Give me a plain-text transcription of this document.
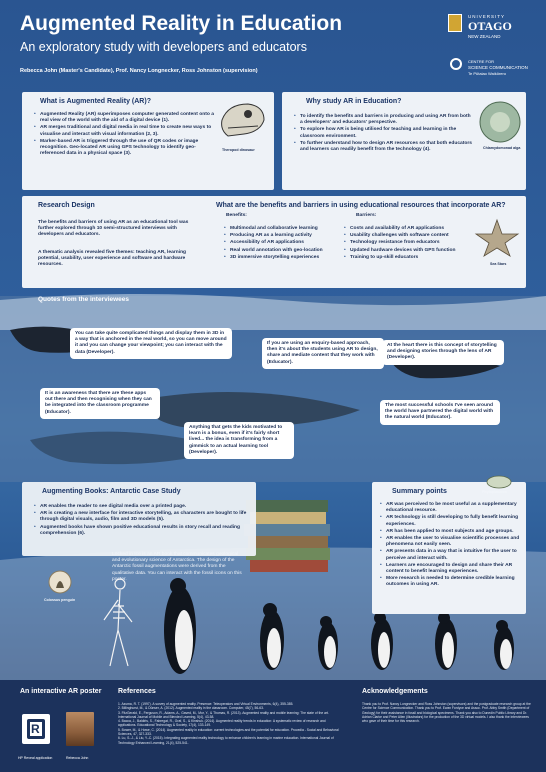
Augmented Reality in Education
An exploratory study with developers and educators
Rebecca John (Master's Candidate), Prof. Nancy Longnecker, Ross Johnston (supervision)
UNIVERSITY
OTAGO
NEW ZEALAND
CENTRE FOR
SCIENCE COMMUNICATION
Te Pūtaiao Waikōrero
What is Augmented Reality (AR)?
• Augmented Reality (AR) superimposes computer generated content onto a real view of the world with the aid of a digital device (1).
• AR merges traditional and digital media in real time to create new ways to visualise and interact with visual information (2, 3).
• Marker-based AR is triggered through the use of QR codes or image recognition. Geo-located AR using GPS technology to identify geo-referenced data in a physical space (3).
Theropod dinosaur
Why study AR in Education?
• To identify the benefits and barriers in producing and using AR from both a developers' and educators' perspective.
• To explore how AR is being utilised for teaching and learning in the classroom environment.
• To further understand how to design AR resources so that both educators and learners can readily benefit from the technology (4).	Chlamydomonad alga
Research Design
The benefits and barriers of using AR as an educational tool was further explored through 10 semi-structured interviews with developers and educators.
A thematic analysis revealed five themes: teaching AR, learning potential, usability, user experience and software and hardware resources.
What are the benefits and barriers in using educational resources that incorporate AR?
Benefits:
• Multimodal and collaborative learning
• Producing AR as a learning activity
• Accessibility of AR applications
• Real world annotation with geo-location
• 3D immersive storytelling experiences
Barriers:
• Costs and availability of AR applications
• Usability challenges with software content
• Technology resistance from educators
• Updated hardware devices with GPS function
• Training to up-skill educators
Sea Stars
Quotes from the interviewees
You can take quite complicated things and display them in 3D in a way that is anchored in the real world, so you can move around it and you can change your viewpoint; you can interact with the data (Developer).
If you are using an enquiry-based approach, then it's about the students using AR to design, share and mediate content that they work with (Educator).
At the heart there is this concept of storytelling and designing stories through the lens of AR (Developer).
It is an awareness that there are these apps out there and then recognising when they can be integrated into the classroom programme (Educator).
Anything that gets the kids motivated to learn is a bonus, even if it's fairly short lived... the idea is transforming from a gimmick to an actual learning tool (Developer).
The most successful schools I've seen around the world have partnered the digital world with the natural world (Educator).
Augmenting Books: Antarctic Case Study
• AR enables the reader to see digital media over a printed page.
• AR is creating a new interface for interactive storytelling, as characters are bought to life through digital visuals, audio, film and 3D models (5).
• Augmented books have shown positive educational results in story recall and reading comprehension (6).
Locked in Ice is an AR book that communicates geological and evolutionary science of Antarctica. The design of the Antarctic fossil augmentations were derived from the qualitative data. You can interact with the fossil icons on this poster.
Colossus penguin
Summary points
• AR was perceived to be most useful as a supplementary educational resource.
• AR technology is still developing to fully benefit learning experiences.
• AR has been applied to most subjects and age groups.
• AR enables the user to visualise scientific processes and phenomena not easily seen.
• AR presents data in a way that is intuitive for the user to perceive and interact with.
• Learners are encouraged to design and share their AR content to benefit learning experiences.
• More research is needed to determine credible learning outcomes in using AR.
Phytoplankton
An interactive AR poster
R
HP Reveal application	Rebecca John
References
1. Azuma, R. T. (1997). A survey of augmented reality. Presence: Teleoperators and Virtual Environments, 6(4), 355-385.
2. Billinghurst, M., & Dünser, A. (2012). Augmented reality in the classroom. Computer, 45(7), 56-63.
3. FitzGerald, E., Ferguson, R., Adams, A., Gaved, M., Mor, Y., & Thomas, R. (2013). Augmented reality and mobile learning: The state of the art. International Journal of Mobile and Blended Learning, 5(4), 43-58.
4. Bacca, J., Baldiris, S., Fabregat, R., Graf, S., & Kinshuk. (2014). Augmented reality trends in education: A systematic review of research and applications. Educational Technology & Society, 17(4), 133-149.
5. Bower, M., & Howe, C. (2014). Augmented reality in education: current technologies and the potential for education. Procedia - Social and Behavioral Sciences, 47, 327-333.
6. Lu, S.-J., & Liu, Y.-C. (2015). Integrating augmented reality technology to enhance children's learning in marine education. International Journal of Technology Enhanced Learning, 21(4), 525-541.
Acknowledgements
Thank you to Prof. Nancy Longnecker and Ross Johnston (supervisors) and the postgraduate research group at the Centre for Science Communication. Thank you to Prof. Ewan Fordyce and Assoc. Prof. Abby Smith (Department of Geology) for their assistance in fossil and biological specimens. Thank you also to Dunedin Public Library and Dr. Adrian Clarke and Peter Allen (illustrators) for the production of the 3D virtual models. I also thank the interviewees who gave of their time for this research.
